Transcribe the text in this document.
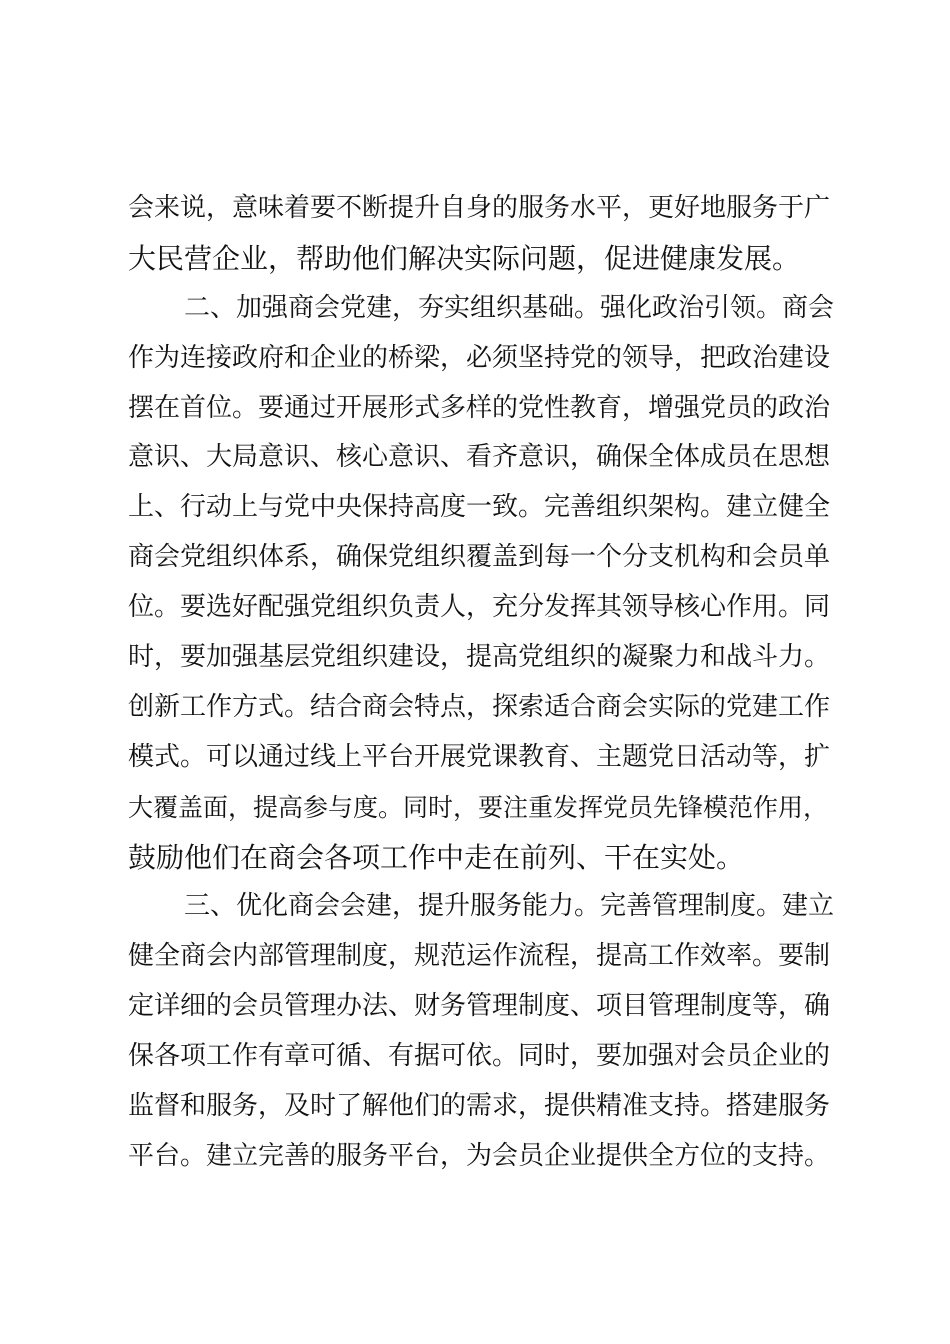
会来说，意味着要不断提升自身的服务水平，更好地服务于广
大民营企业，帮助他们解决实际问题，促进健康发展。
二、加强商会党建，夯实组织基础。强化政治引领。商会
作为连接政府和企业的桥梁，必须坚持党的领导，把政治建设
摆在首位。要通过开展形式多样的党性教育，增强党员的政治
意识、大局意识、核心意识、看齐意识，确保全体成员在思想
上、行动上与党中央保持高度一致。完善组织架构。建立健全
商会党组织体系，确保党组织覆盖到每一个分支机构和会员单
位。要选好配强党组织负责人，充分发挥其领导核心作用。同
时，要加强基层党组织建设，提高党组织的凝聚力和战斗力。
创新工作方式。结合商会特点，探索适合商会实际的党建工作
模式。可以通过线上平台开展党课教育、主题党日活动等，扩
大覆盖面，提高参与度。同时，要注重发挥党员先锋模范作用，
鼓励他们在商会各项工作中走在前列、干在实处。
三、优化商会会建，提升服务能力。完善管理制度。建立
健全商会内部管理制度，规范运作流程，提高工作效率。要制
定详细的会员管理办法、财务管理制度、项目管理制度等，确
保各项工作有章可循、有据可依。同时，要加强对会员企业的
监督和服务，及时了解他们的需求，提供精准支持。搭建服务
平台。建立完善的服务平台，为会员企业提供全方位的支持。
